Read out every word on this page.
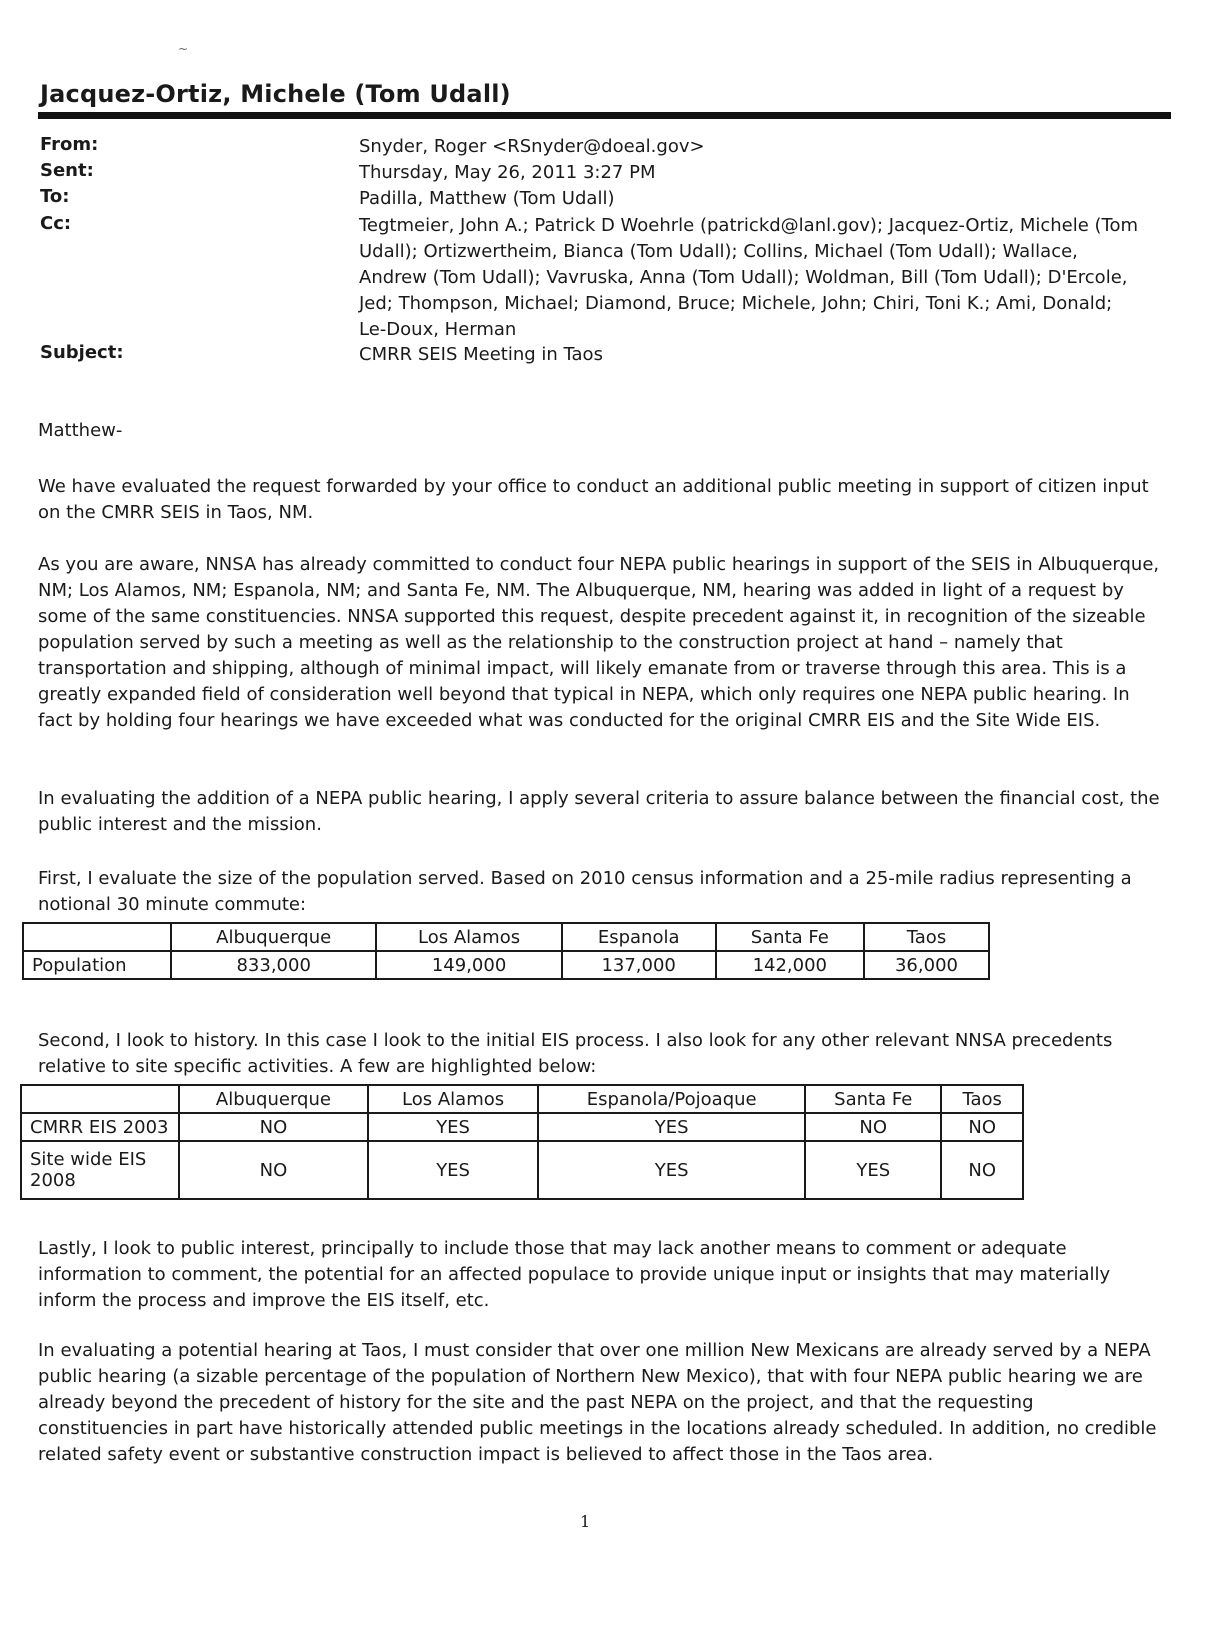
~
Jacquez-Ortiz, Michele (Tom Udall)
From:	Snyder, Roger <RSnyder@doeal.gov>
Sent:	Thursday, May 26, 2011 3:27 PM
To:	Padilla, Matthew (Tom Udall)
Cc:	Tegtmeier, John A.; Patrick D Woehrle (patrickd@lanl.gov); Jacquez-Ortiz, Michele (Tom Udall); Ortizwertheim, Bianca (Tom Udall); Collins, Michael (Tom Udall); Wallace, Andrew (Tom Udall); Vavruska, Anna (Tom Udall); Woldman, Bill (Tom Udall); D'Ercole, Jed; Thompson, Michael; Diamond, Bruce; Michele, John; Chiri, Toni K.; Ami, Donald; Le-Doux, Herman
Subject:	CMRR SEIS Meeting in Taos
Matthew-
We have evaluated the request forwarded by your office to conduct an additional public meeting in support of citizen input on the CMRR SEIS in Taos, NM.
As you are aware, NNSA has already committed to conduct four NEPA public hearings in support of the SEIS in Albuquerque, NM; Los Alamos, NM; Espanola, NM; and Santa Fe, NM. The Albuquerque, NM, hearing was added in light of a request by some of the same constituencies. NNSA supported this request, despite precedent against it, in recognition of the sizeable population served by such a meeting as well as the relationship to the construction project at hand – namely that transportation and shipping, although of minimal impact, will likely emanate from or traverse through this area. This is a greatly expanded field of consideration well beyond that typical in NEPA, which only requires one NEPA public hearing. In fact by holding four hearings we have exceeded what was conducted for the original CMRR EIS and the Site Wide EIS.
In evaluating the addition of a NEPA public hearing, I apply several criteria to assure balance between the financial cost, the public interest and the mission.
First, I evaluate the size of the population served. Based on 2010 census information and a 25-mile radius representing a notional 30 minute commute:
	Albuquerque	Los Alamos	Espanola	Santa Fe	Taos
Population	833,000	149,000	137,000	142,000	36,000
Second, I look to history. In this case I look to the initial EIS process. I also look for any other relevant NNSA precedents relative to site specific activities. A few are highlighted below:
	Albuquerque	Los Alamos	Espanola/Pojoaque	Santa Fe	Taos
CMRR EIS 2003	NO	YES	YES	NO	NO
Site wide EIS 2008	NO	YES	YES	YES	NO
Lastly, I look to public interest, principally to include those that may lack another means to comment or adequate information to comment, the potential for an affected populace to provide unique input or insights that may materially inform the process and improve the EIS itself, etc.
In evaluating a potential hearing at Taos, I must consider that over one million New Mexicans are already served by a NEPA public hearing (a sizable percentage of the population of Northern New Mexico), that with four NEPA public hearing we are already beyond the precedent of history for the site and the past NEPA on the project, and that the requesting constituencies in part have historically attended public meetings in the locations already scheduled. In addition, no credible related safety event or substantive construction impact is believed to affect those in the Taos area.
1
